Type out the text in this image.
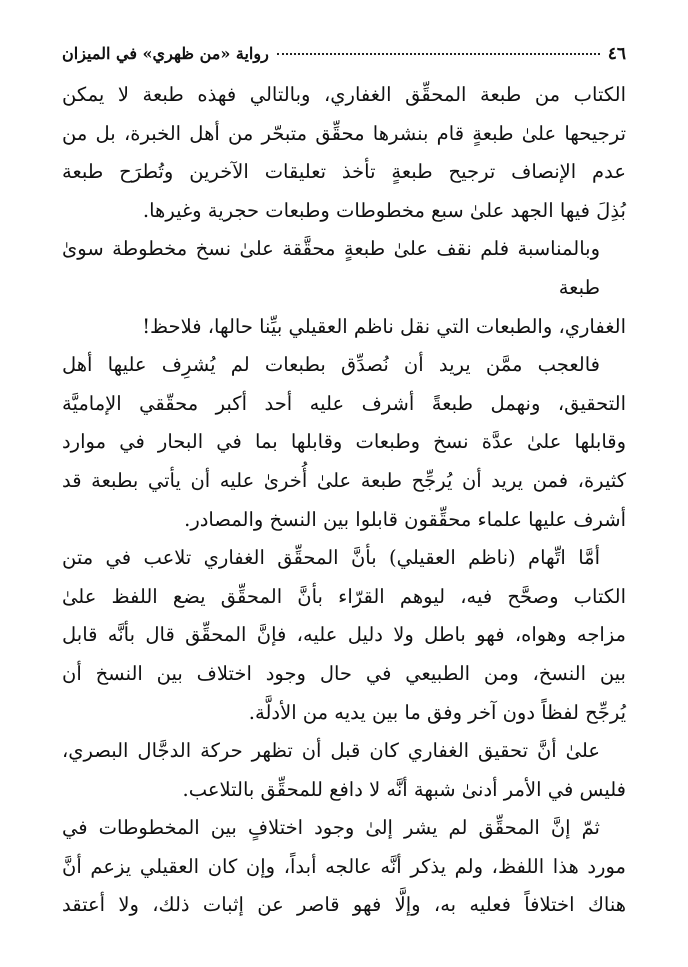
٤٦
رواية «من ظهري» في الميزان

الكتاب من طبعة المحقِّق الغفاري، وبالتالي فهذه طبعة لا يمكن
ترجيحها علىٰ طبعةٍ قام بنشرها محقِّق متبحّر من أهل الخبرة، بل من
عدم الإنصاف ترجيح طبعةٍ تأخذ تعليقات الآخرين وتُطرَح طبعة
بُذِلَ فيها الجهد علىٰ سبع مخطوطات وطبعات حجرية وغيرها.

وبالمناسبة فلم نقف علىٰ طبعةٍ محقَّقة علىٰ نسخ مخطوطة سوىٰ طبعة
الغفاري، والطبعات التي نقل ناظم العقيلي بيِّنا حالها، فلاحظ!

فالعجب ممَّن يريد أن نُصدِّق بطبعات لم يُشرِف عليها أهل
التحقيق، ونهمل طبعةً أشرف عليه أحد أكبر محقّقي الإماميَّة
وقابلها علىٰ عدَّة نسخ وطبعات وقابلها بما في البحار في موارد
كثيرة، فمن يريد أن يُرجِّح طبعة علىٰ أُخرىٰ عليه أن يأتي بطبعة قد
أشرف عليها علماء محقِّقون قابلوا بين النسخ والمصادر.

أمَّا اتِّهام (ناظم العقيلي) بأنَّ المحقِّق الغفاري تلاعب في متن
الكتاب وصحَّح فيه، ليوهم القرّاء بأنَّ المحقِّق يضع اللفظ علىٰ
مزاجه وهواه، فهو باطل ولا دليل عليه، فإنَّ المحقِّق قال بأنَّه قابل
بين النسخ، ومن الطبيعي في حال وجود اختلاف بين النسخ أن
يُرجِّح لفظاً دون آخر وفق ما بين يديه من الأدلَّة.

علىٰ أنَّ تحقيق الغفاري كان قبل أن تظهر حركة الدجَّال البصري،
فليس في الأمر أدنىٰ شبهة أنَّه لا دافع للمحقِّق بالتلاعب.

ثمّ إنَّ المحقِّق لم يشر إلىٰ وجود اختلافٍ بين المخطوطات في
مورد هذا اللفظ، ولم يذكر أنَّه عالجه أبداً، وإن كان العقيلي يزعم أنَّ
هناك اختلافاً فعليه به، وإلَّا فهو قاصر عن إثبات ذلك، ولا أعتقد
